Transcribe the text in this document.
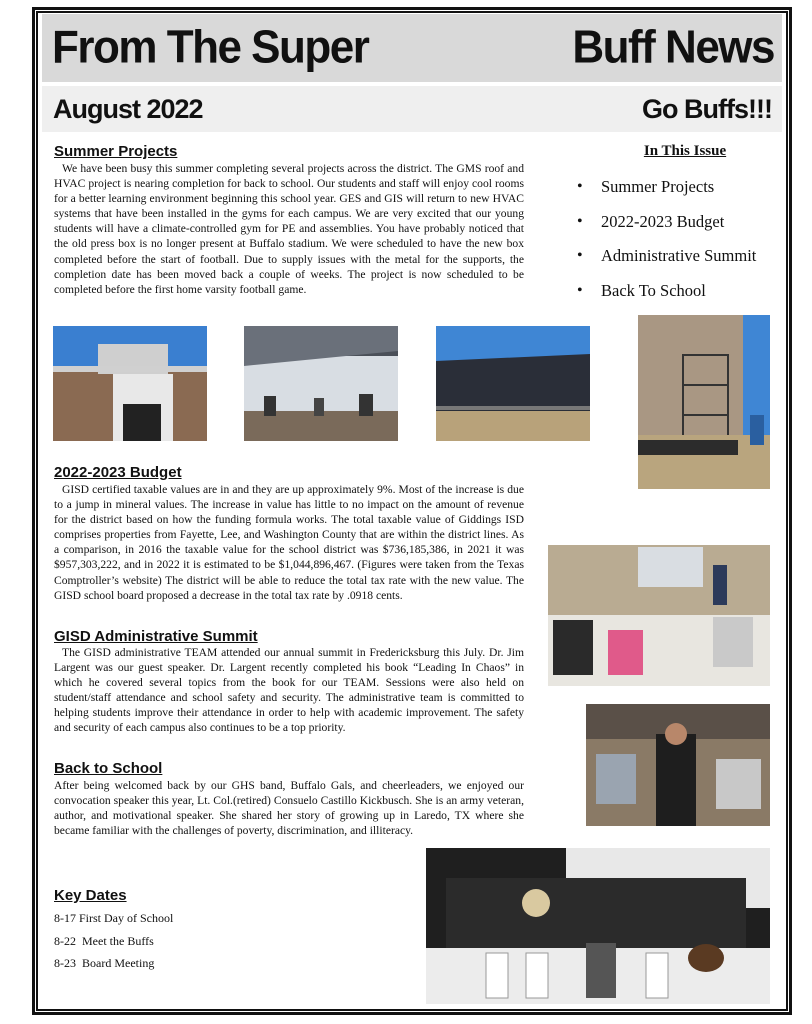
From The Super	Buff News
August 2022	Go Buffs!!!
Summer Projects
We have been busy this summer completing several projects across the district. The GMS roof and HVAC project is nearing completion for back to school. Our students and staff will enjoy cool rooms for a better learning environment beginning this school year. GES and GIS will return to new HVAC systems that have been installed in the gyms for each campus. We are very excited that our young students will have a climate-controlled gym for PE and assemblies. You have probably noticed that the old press box is no longer present at Buffalo stadium. We were scheduled to have the new box completed before the start of football. Due to supply issues with the metal for the supports, the completion date has been moved back a couple of weeks. The project is now scheduled to be completed before the first home varsity football game.
In This Issue
• Summer Projects
• 2022-2023 Budget
• Administrative Summit
• Back To School
2022-2023 Budget
GISD certified taxable values are in and they are up approximately 9%. Most of the increase is due to a jump in mineral values. The increase in value has little to no impact on the amount of revenue for the district based on how the funding formula works. The total taxable value of Giddings ISD comprises properties from Fayette, Lee, and Washington County that are within the district lines. As a comparison, in 2016 the taxable value for the school district was $736,185,386, in 2021 it was $957,303,222, and in 2022 it is estimated to be $1,044,896,467. (Figures were taken from the Texas Comptroller’s website) The district will be able to reduce the total tax rate with the new value. The GISD school board proposed a decrease in the total tax rate by .0918 cents.
GISD Administrative Summit
The GISD administrative TEAM attended our annual summit in Fredericksburg this July. Dr. Jim Largent was our guest speaker. Dr. Largent recently completed his book “Leading In Chaos” in which he covered several topics from the book for our TEAM. Sessions were also held on student/staff attendance and school safety and security. The administrative team is committed to helping students improve their attendance in order to help with academic improvement. The safety and security of each campus also continues to be a top priority.
Back to School
After being welcomed back by our GHS band, Buffalo Gals, and cheerleaders, we enjoyed our convocation speaker this year, Lt. Col.(retired) Consuelo Castillo Kickbusch. She is an army veteran, author, and motivational speaker. She shared her story of growing up in Laredo, TX where she became familiar with the challenges of poverty, discrimination, and illiteracy.
Key Dates
8-17 First Day of School
8-22  Meet the Buffs
8-23  Board Meeting
